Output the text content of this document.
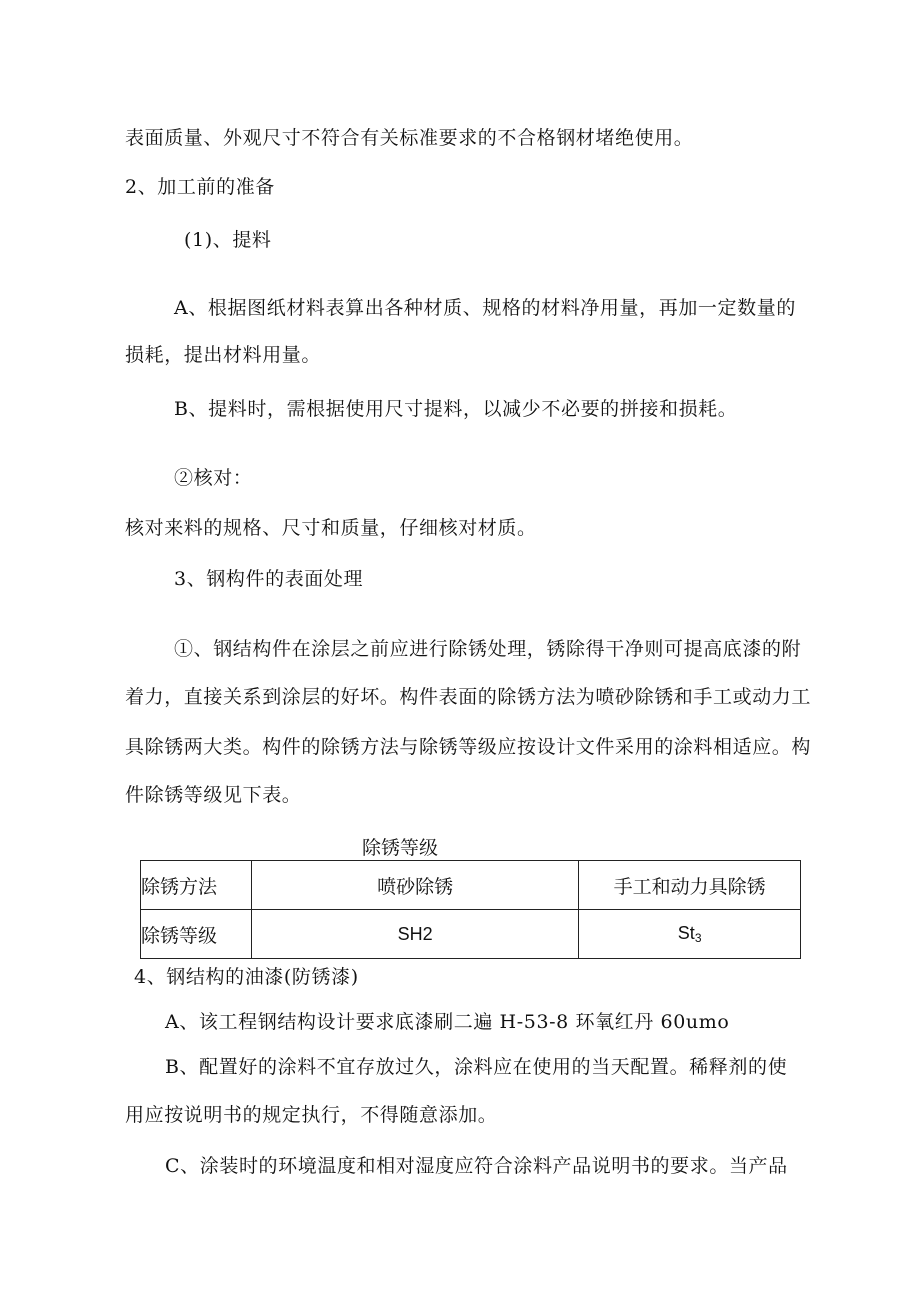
表面质量、外观尺寸不符合有关标准要求的不合格钢材堵绝使用。
2、加工前的准备
(1)、提料
A、根据图纸材料表算出各种材质、规格的材料净用量，再加一定数量的
损耗，提出材料用量。
B、提料时，需根据使用尺寸提料，以减少不必要的拼接和损耗。
②核对：
核对来料的规格、尺寸和质量，仔细核对材质。
3、钢构件的表面处理
①、钢结构件在涂层之前应进行除锈处理，锈除得干净则可提高底漆的附
着力，直接关系到涂层的好坏。构件表面的除锈方法为喷砂除锈和手工或动力工
具除锈两大类。构件的除锈方法与除锈等级应按设计文件采用的涂料相适应。构
件除锈等级见下表。
除锈等级
除锈方法	喷砂除锈	手工和动力具除锈
除锈等级	SH2	$St_3$
4、钢结构的油漆(防锈漆)
A、该工程钢结构设计要求底漆刷二遍 H-53-8 环氧红丹 60umo
B、配置好的涂料不宜存放过久，涂料应在使用的当天配置。稀释剂的使
用应按说明书的规定执行，不得随意添加。
C、涂装时的环境温度和相对湿度应符合涂料产品说明书的要求。当产品
